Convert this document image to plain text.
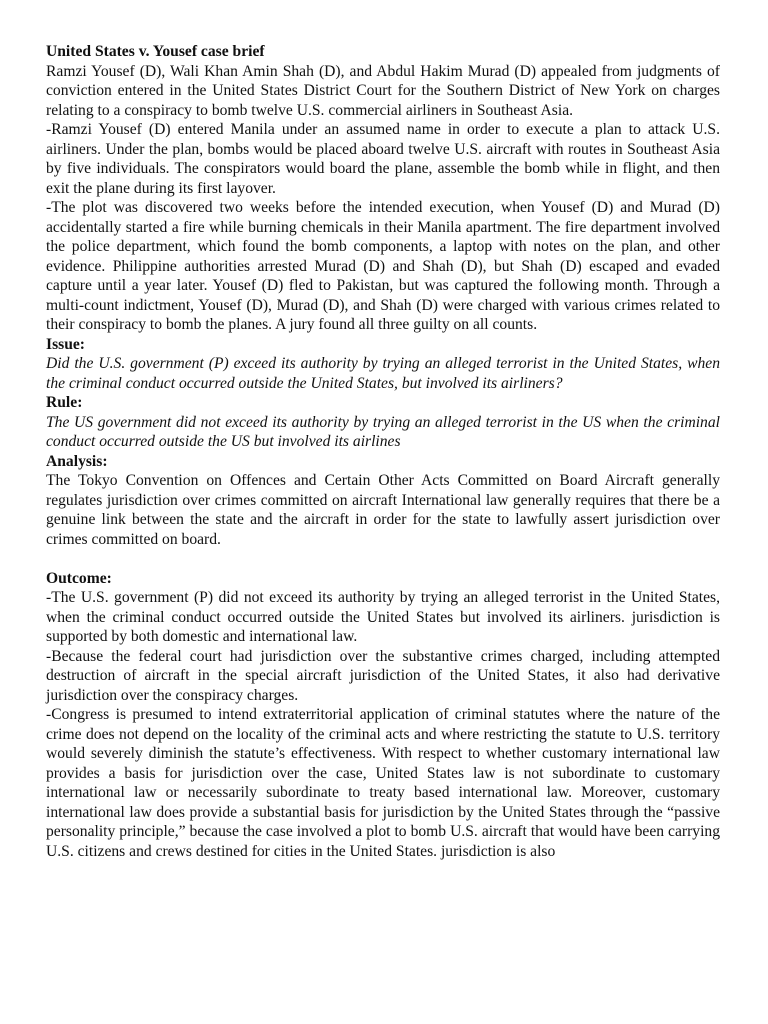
United States v. Yousef case brief

Ramzi Yousef (D), Wali Khan Amin Shah (D), and Abdul Hakim Murad (D) appealed from judgments of conviction entered in the United States District Court for the Southern District of New York on charges relating to a conspiracy to bomb twelve U.S. commercial airliners in Southeast Asia.

-Ramzi Yousef (D) entered Manila under an assumed name in order to execute a plan to attack U.S. airliners. Under the plan, bombs would be placed aboard twelve U.S. aircraft with routes in Southeast Asia by five individuals. The conspirators would board the plane, assemble the bomb while in flight, and then exit the plane during its first layover.

-The plot was discovered two weeks before the intended execution, when Yousef (D) and Murad (D) accidentally started a fire while burning chemicals in their Manila apartment. The fire department involved the police department, which found the bomb components, a laptop with notes on the plan, and other evidence. Philippine authorities arrested Murad (D) and Shah (D), but Shah (D) escaped and evaded capture until a year later. Yousef (D) fled to Pakistan, but was captured the following month. Through a multi-count indictment, Yousef (D), Murad (D), and Shah (D) were charged with various crimes related to their conspiracy to bomb the planes. A jury found all three guilty on all counts.

Issue:

Did the U.S. government (P) exceed its authority by trying an alleged terrorist in the United States, when the criminal conduct occurred outside the United States, but involved its airliners?

Rule:

The US government did not exceed its authority by trying an alleged terrorist in the US when the criminal conduct occurred outside the US but involved its airlines

Analysis:

The Tokyo Convention on Offences and Certain Other Acts Committed on Board Aircraft generally regulates jurisdiction over crimes committed on aircraft International law generally requires that there be a genuine link between the state and the aircraft in order for the state to lawfully assert jurisdiction over crimes committed on board.

Outcome:

-The U.S. government (P) did not exceed its authority by trying an alleged terrorist in the United States, when the criminal conduct occurred outside the United States but involved its airliners. jurisdiction is supported by both domestic and international law.

-Because the federal court had jurisdiction over the substantive crimes charged, including attempted destruction of aircraft in the special aircraft jurisdiction of the United States, it also had derivative jurisdiction over the conspiracy charges.

-Congress is presumed to intend extraterritorial application of criminal statutes where the nature of the crime does not depend on the locality of the criminal acts and where restricting the statute to U.S. territory would severely diminish the statute’s effectiveness. With respect to whether customary international law provides a basis for jurisdiction over the case, United States law is not subordinate to customary international law or necessarily subordinate to treaty based international law. Moreover, customary international law does provide a substantial basis for jurisdiction by the United States through the “passive personality principle,” because the case involved a plot to bomb U.S. aircraft that would have been carrying U.S. citizens and crews destined for cities in the United States. jurisdiction is also
